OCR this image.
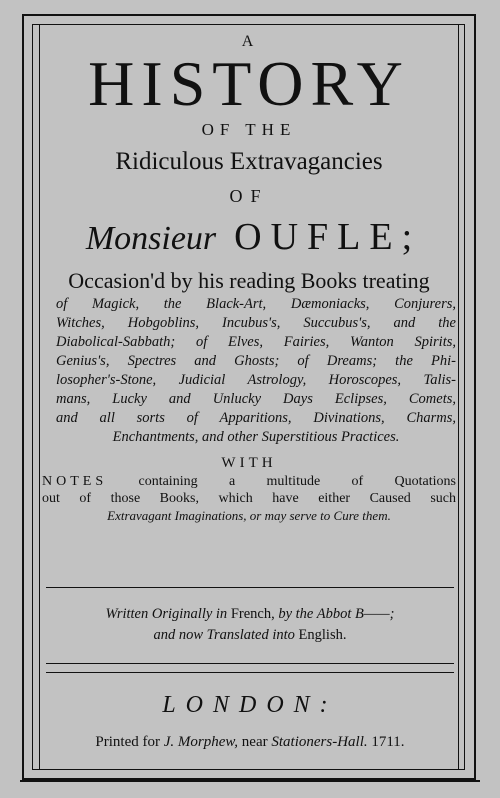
A
HISTORY
OF THE
Ridiculous Extravagancies
OF
Monsieur OUFLE ;
Occasion'd by his reading Books treating
of Magick, the Black-Art, Dæmoniacks, Conjurers,
Witches, Hobgoblins, Incubus's, Succubus's, and the
Diabolical-Sabbath; of Elves, Fairies, Wanton Spirits,
Genius's, Spectres and Ghosts; of Dreams; the Phi-
losopher's-Stone, Judicial Astrology, Horoscopes, Talis-
mans, Lucky and Unlucky Days Eclipses, Comets,
and all sorts of Apparitions, Divinations, Charms,
Enchantments, and other Superstitious Practices.
WITH
NOTES containing a multitude of Quotations
out of those Books, which have either Caused such
Extravagant Imaginations, or may serve to Cure them.
Written Originally in French, by the Abbot B——;
and now Translated into English.
LONDON:
Printed for J. Morphew, near Stationers-Hall. 1711.
